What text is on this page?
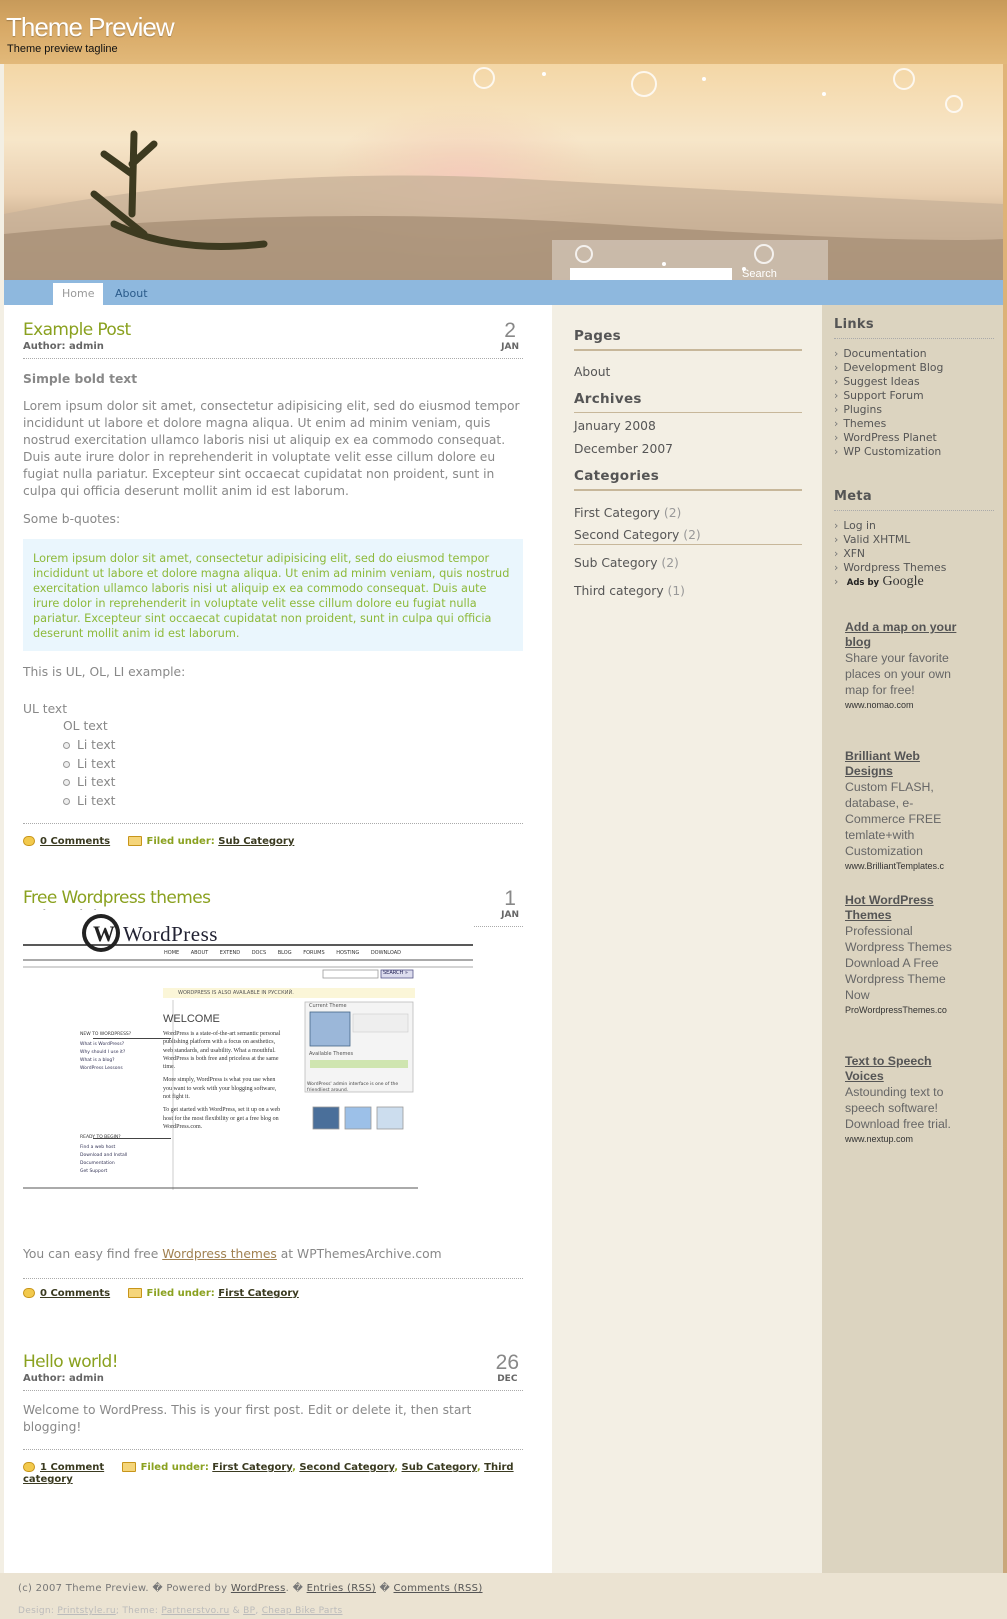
Theme Preview
Theme preview tagline
Search
Home	About
Example Post
Author: admin
2
JAN
Simple bold text
Lorem ipsum dolor sit amet, consectetur adipisicing elit, sed do eiusmod tempor incididunt ut labore et dolore magna aliqua. Ut enim ad minim veniam, quis nostrud exercitation ullamco laboris nisi ut aliquip ex ea commodo consequat. Duis aute irure dolor in reprehenderit in voluptate velit esse cillum dolore eu fugiat nulla pariatur. Excepteur sint occaecat cupidatat non proident, sunt in culpa qui officia deserunt mollit anim id est laborum.
Some b-quotes:
Lorem ipsum dolor sit amet, consectetur adipisicing elit, sed do eiusmod tempor incididunt ut labore et dolore magna aliqua. Ut enim ad minim veniam, quis nostrud exercitation ullamco laboris nisi ut aliquip ex ea commodo consequat. Duis aute irure dolor in reprehenderit in voluptate velit esse cillum dolore eu fugiat nulla pariatur. Excepteur sint occaecat cupidatat non proident, sunt in culpa qui officia deserunt mollit anim id est laborum.
This is UL, OL, LI example:
UL text
OL text
Li text
Li text
Li text
Li text
0 Comments	Filed under: Sub Category
Free Wordpress themes	1
JAN
W WordPress
HOME ABOUT EXTEND DOCS BLOG FORUMS HOSTING DOWNLOAD
SEARCH »
WORDPRESS IS ALSO AVAILABLE IN РУССКИЙ.
WELCOME
NEW TO WORDPRESS?
What is WordPress?
Why should I use it?
What is a blog?
WordPress Lessons
READY TO BEGIN?
Find a web host
Download and Install
Documentation
Get Support
WordPress is a state-of-the-art semantic personal publishing platform with a focus on aesthetics, web standards, and usability. What a mouthful. WordPress is both free and priceless at the same time.
More simply, WordPress is what you use when you want to work with your blogging software, not fight it.
To get started with WordPress, set it up on a web host for the most flexibility or get a free blog on WordPress.com.
Current Theme
Available Themes
WordPress' admin interface is one of the friendliest around.
You can easy find free Wordpress themes at WPThemesArchive.com
0 Comments	Filed under: First Category
Hello world!
Author: admin
26
DEC
Welcome to WordPress. This is your first post. Edit or delete it, then start blogging!
1 Comment	Filed under: First Category, Second Category, Sub Category, Third category
Pages
About
Archives
January 2008
December 2007
Categories
First Category (2)
Second Category (2)
Sub Category (2)
Third category (1)
Links
› Documentation
› Development Blog
› Suggest Ideas
› Support Forum
› Plugins
› Themes
› WordPress Planet
› WP Customization
Meta
› Log in
› Valid XHTML
› XFN
› Wordpress Themes
› Ads by Google
Add a map on your blog
Share your favorite places on your own map for free!
www.nomao.com
Brilliant Web Designs
Custom FLASH, database, e-Commerce FREE temlate+with Customization
www.BrilliantTemplates.c
Hot WordPress Themes
Professional Wordpress Themes Download A Free Wordpress Theme Now
ProWordpressThemes.co
Text to Speech Voices
Astounding text to speech software! Download free trial.
www.nextup.com
(c) 2007 Theme Preview. � Powered by WordPress. � Entries (RSS) � Comments (RSS)
Design: Printstyle.ru; Theme: Partnerstvo.ru & BP, Cheap Bike Parts
